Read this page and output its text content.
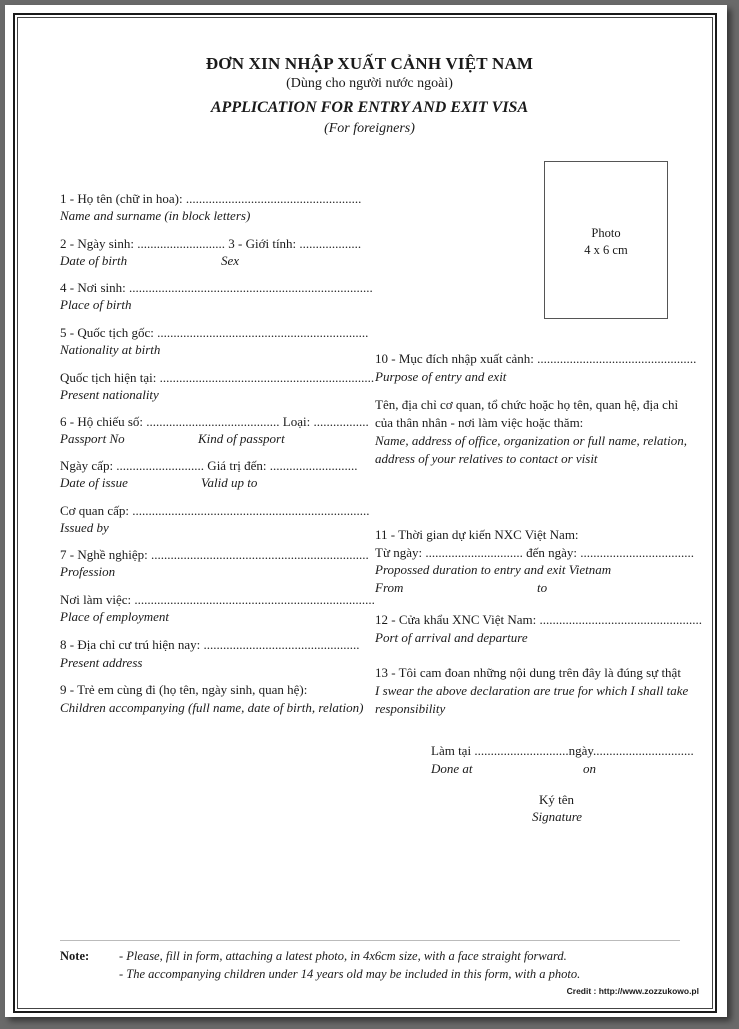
ĐƠN XIN NHẬP XUẤT CẢNH VIỆT NAM
(Dùng cho người nước ngoài)
APPLICATION FOR ENTRY AND EXIT VISA
(For foreigners)
Photo
4 x 6 cm
1 - Họ tên (chữ in hoa): ......................................................
Name and surname (in block letters)
2 - Ngày sinh: ........................... 3 - Giới tính: ...................
Date of birth	Sex
4 - Nơi sinh: ...........................................................................
Place of birth
5 - Quốc tịch gốc: .................................................................
Nationality at birth
Quốc tịch hiện tại: ..................................................................
Present nationality
6 - Hộ chiếu số: ......................................... Loại: .................
Passport No	Kind of passport
Ngày cấp: ........................... Giá trị đến: ...........................
Date of issue	Valid up to
Cơ quan cấp: .........................................................................
Issued by
7 - Nghề nghiệp: ...................................................................
Profession
Nơi làm việc: ..........................................................................
Place of employment
8 - Địa chỉ cư trú hiện nay: ................................................
Present address
9 - Trẻ em cùng đi (họ tên, ngày sinh, quan hệ):
Children accompanying (full name, date of birth, relation)
10 - Mục đích nhập xuất cảnh: .................................................
Purpose of entry and exit
Tên, địa chỉ cơ quan, tổ chức hoặc họ tên, quan hệ, địa chỉ
của thân nhân - nơi làm việc hoặc thăm:
Name, address of office, organization or full name, relation,
address of your relatives to contact or visit
11 - Thời gian dự kiến NXC Việt Nam:
Từ ngày: .............................. đến ngày: ...................................
Propossed duration to entry and exit Vietnam
From	to
12 - Cửa khẩu XNC Việt Nam: ..................................................
Port of arrival and departure
13 - Tôi cam đoan những nội dung trên đây là đúng sự thật
I swear the above declaration are true for which I shall take
responsibility
Làm tại .............................ngày...............................
Done at	on
Ký tên
Signature
Note: - Please, fill in form, attaching a latest photo, in 4x6cm size, with a face straight forward.
- The accompanying children under 14 years old may be included in this form, with a photo.
Credit : http://www.zozzukowo.pl
